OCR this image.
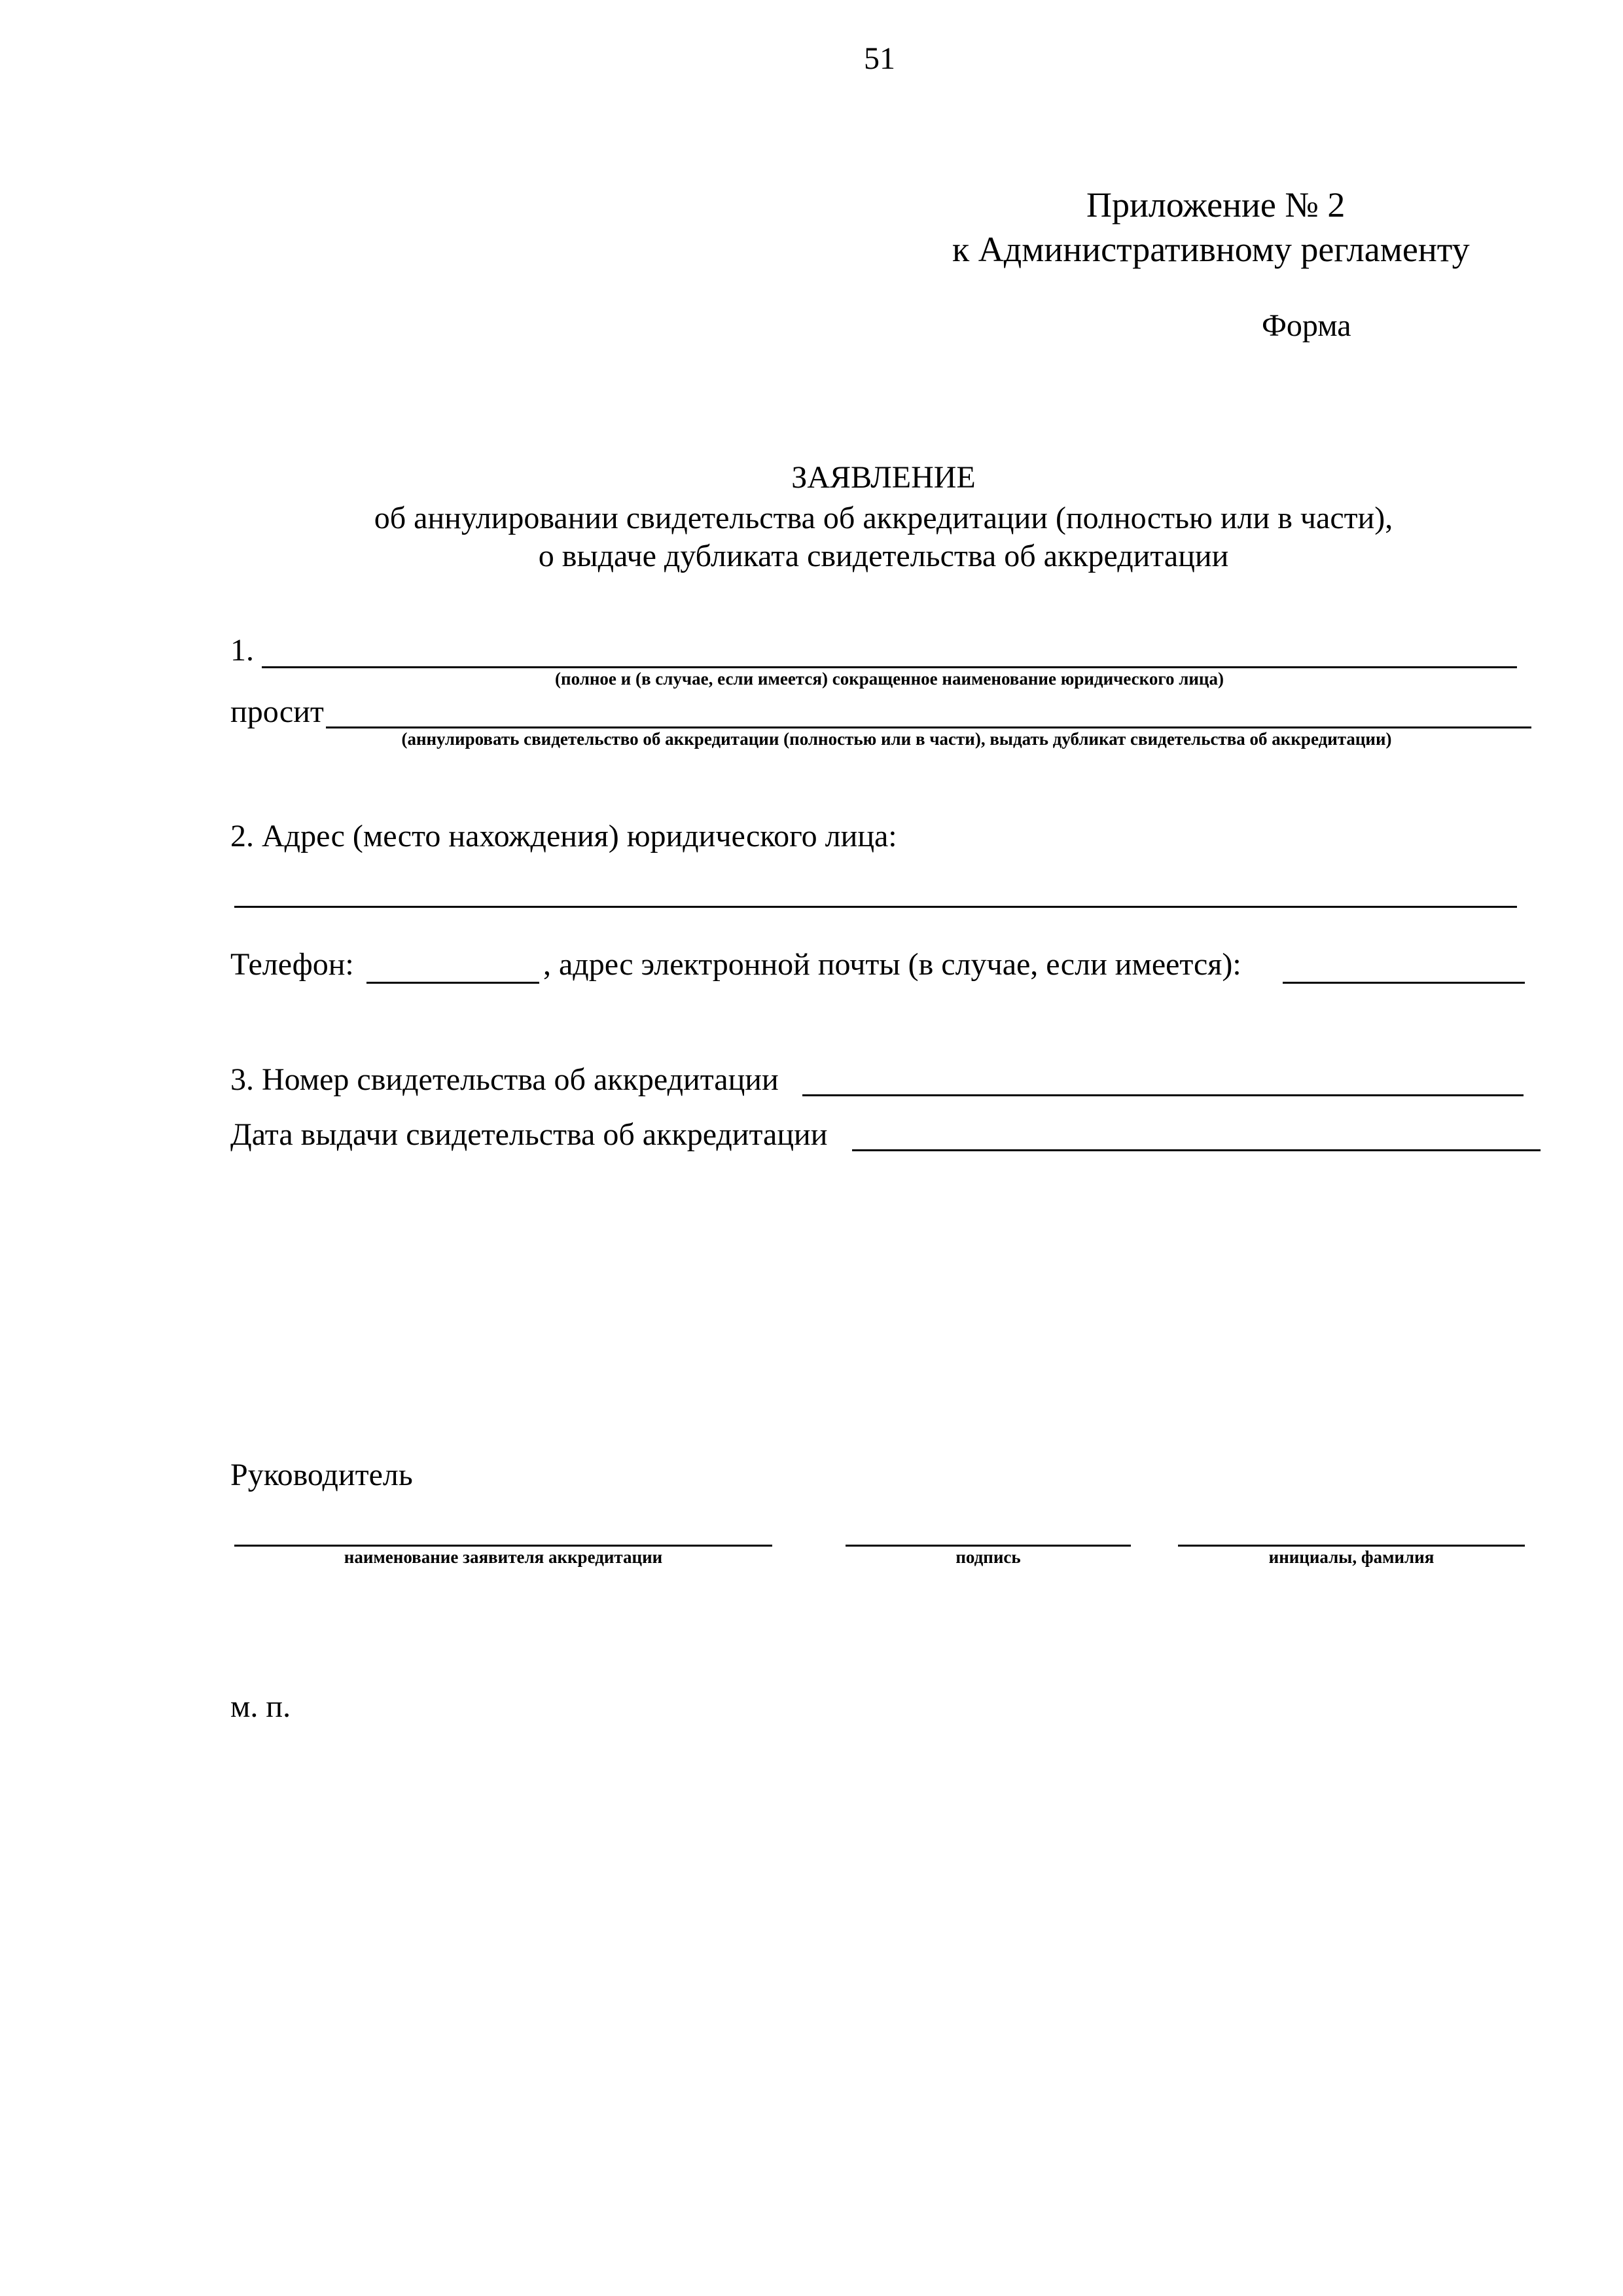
51
Приложение № 2
к Административному регламенту
Форма
ЗАЯВЛЕНИЕ
об аннулировании свидетельства об аккредитации (полностью или в части),
о выдаче дубликата свидетельства об аккредитации
1.
(полное и (в случае, если имеется) сокращенное наименование юридического лица)
просит
(аннулировать свидетельство об аккредитации (полностью или в части), выдать дубликат свидетельства об аккредитации)
2. Адрес (место нахождения) юридического лица:
Телефон:	, адрес электронной почты (в случае, если имеется):
3. Номер свидетельства об аккредитации
Дата выдачи свидетельства об аккредитации
Руководитель
наименование заявителя аккредитации	подпись	инициалы, фамилия
м. п.
